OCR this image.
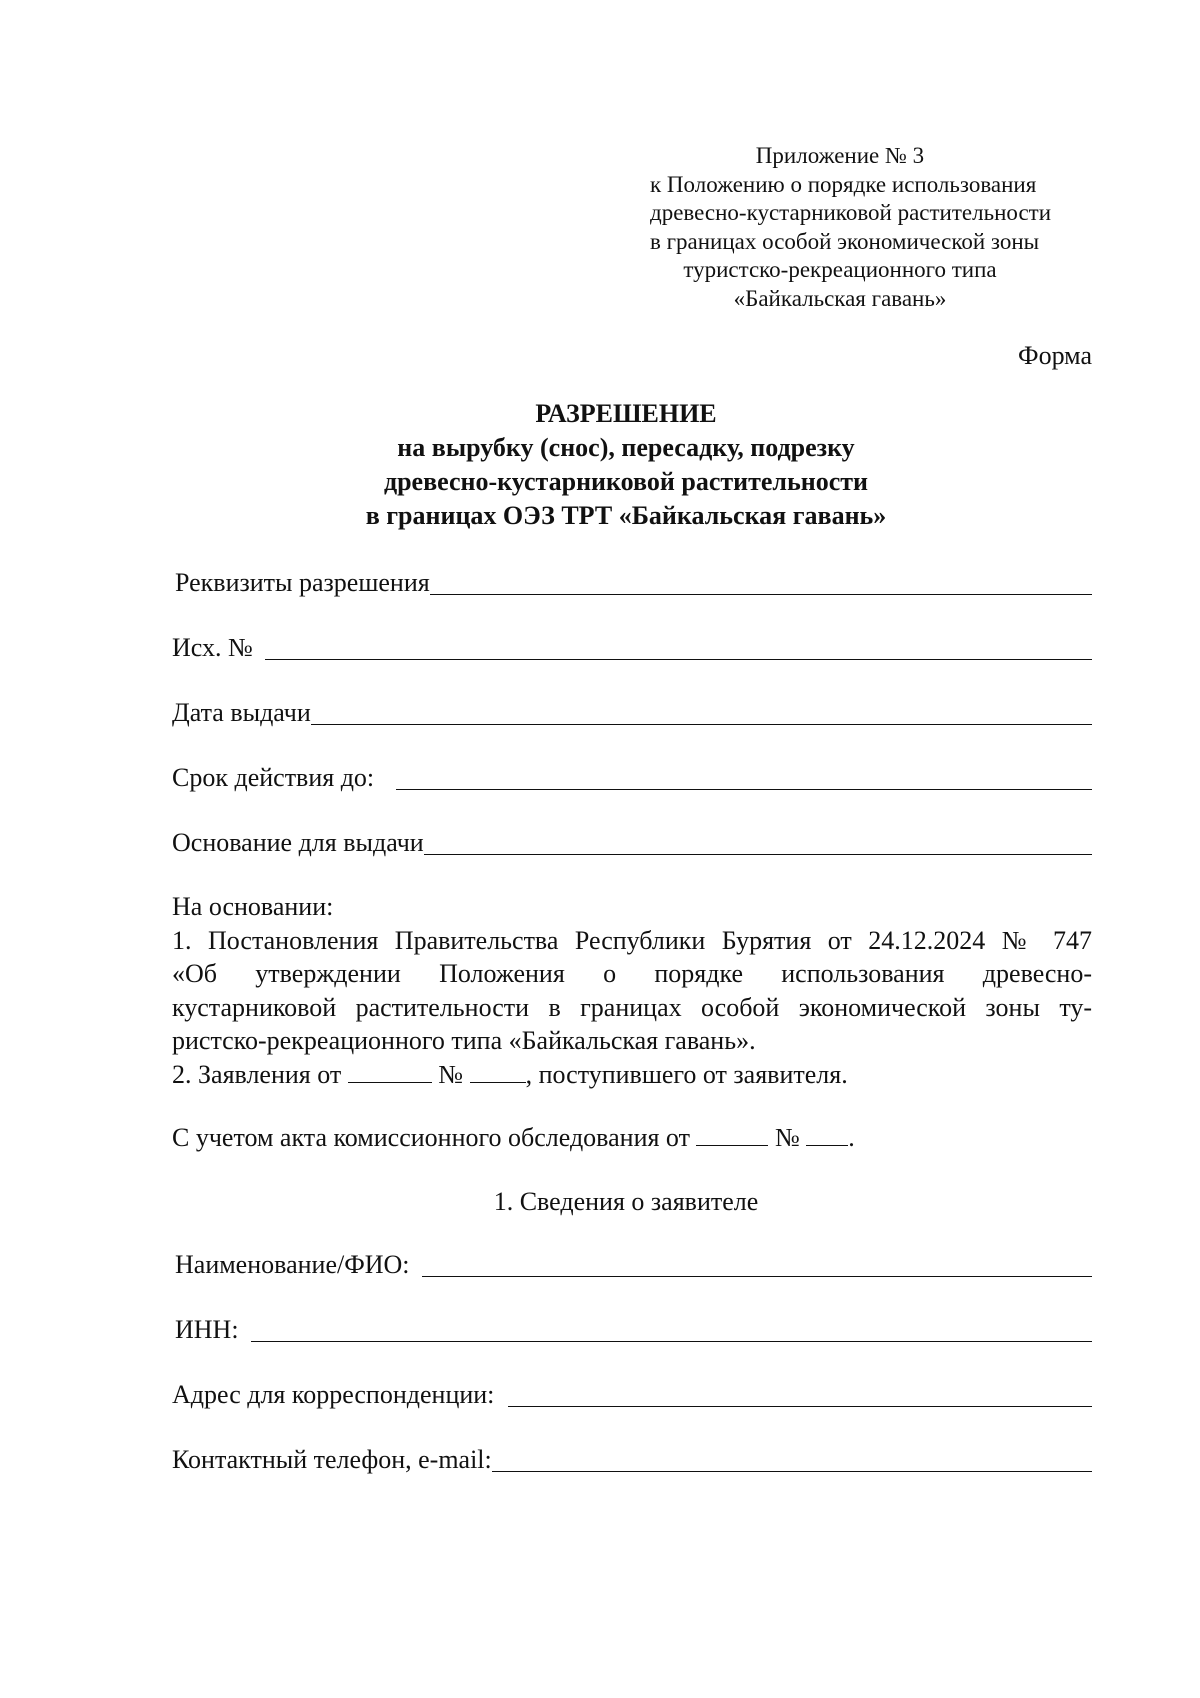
Приложение № 3
к Положению о порядке использования
древесно-кустарниковой растительности
в границах особой экономической зоны
туристско-рекреационного типа
«Байкальская гавань»
Форма
РАЗРЕШЕНИЕ
на вырубку (снос), пересадку, подрезку
древесно-кустарниковой растительности
в границах ОЭЗ ТРТ «Байкальская гавань»
Реквизиты разрешения
Исх. №
Дата выдачи
Срок действия до:
Основание для выдачи
На основании:
1. Постановления Правительства Республики Бурятия от 24.12.2024 № 747
«Об утверждении Положения о порядке использования древесно-
кустарниковой растительности в границах особой экономической зоны ту-
ристско-рекреационного типа «Байкальская гавань».
2. Заявления от	№ , поступившего от заявителя.
С учетом акта комиссионного обследования от	№ .
1. Сведения о заявителе
Наименование/ФИО:
ИНН:
Адрес для корреспонденции:
Контактный телефон, e-mail:
